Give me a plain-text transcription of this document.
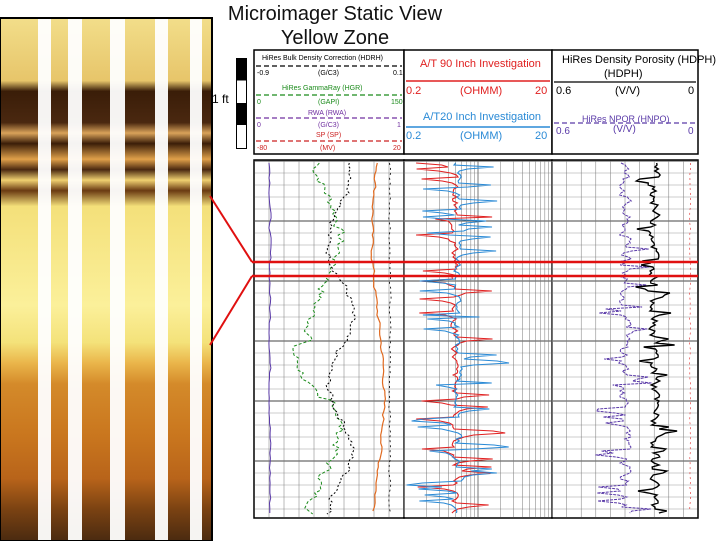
Microimager Static View
Yellow Zone
1 ft
HiRes Bulk Density Correction (HDRH)
-0.9	(G/C3)	0.1
HiRes GammaRay (HGR)
0	(GAPI)	150
RWA (RWA)
0	(G/C3)	1
SP (SP)
-80	(MV)	20
A/T 90 Inch Investigation
0.2	(OHMM)	20
A/T20 Inch Investigation
0.2	(OHMM)	20
HiRes Density Porosity (HDPH)
(HDPH)
0.6	(V/V)	0
HiRes NPOR (HNPO)
0.6	(V/V)	0
